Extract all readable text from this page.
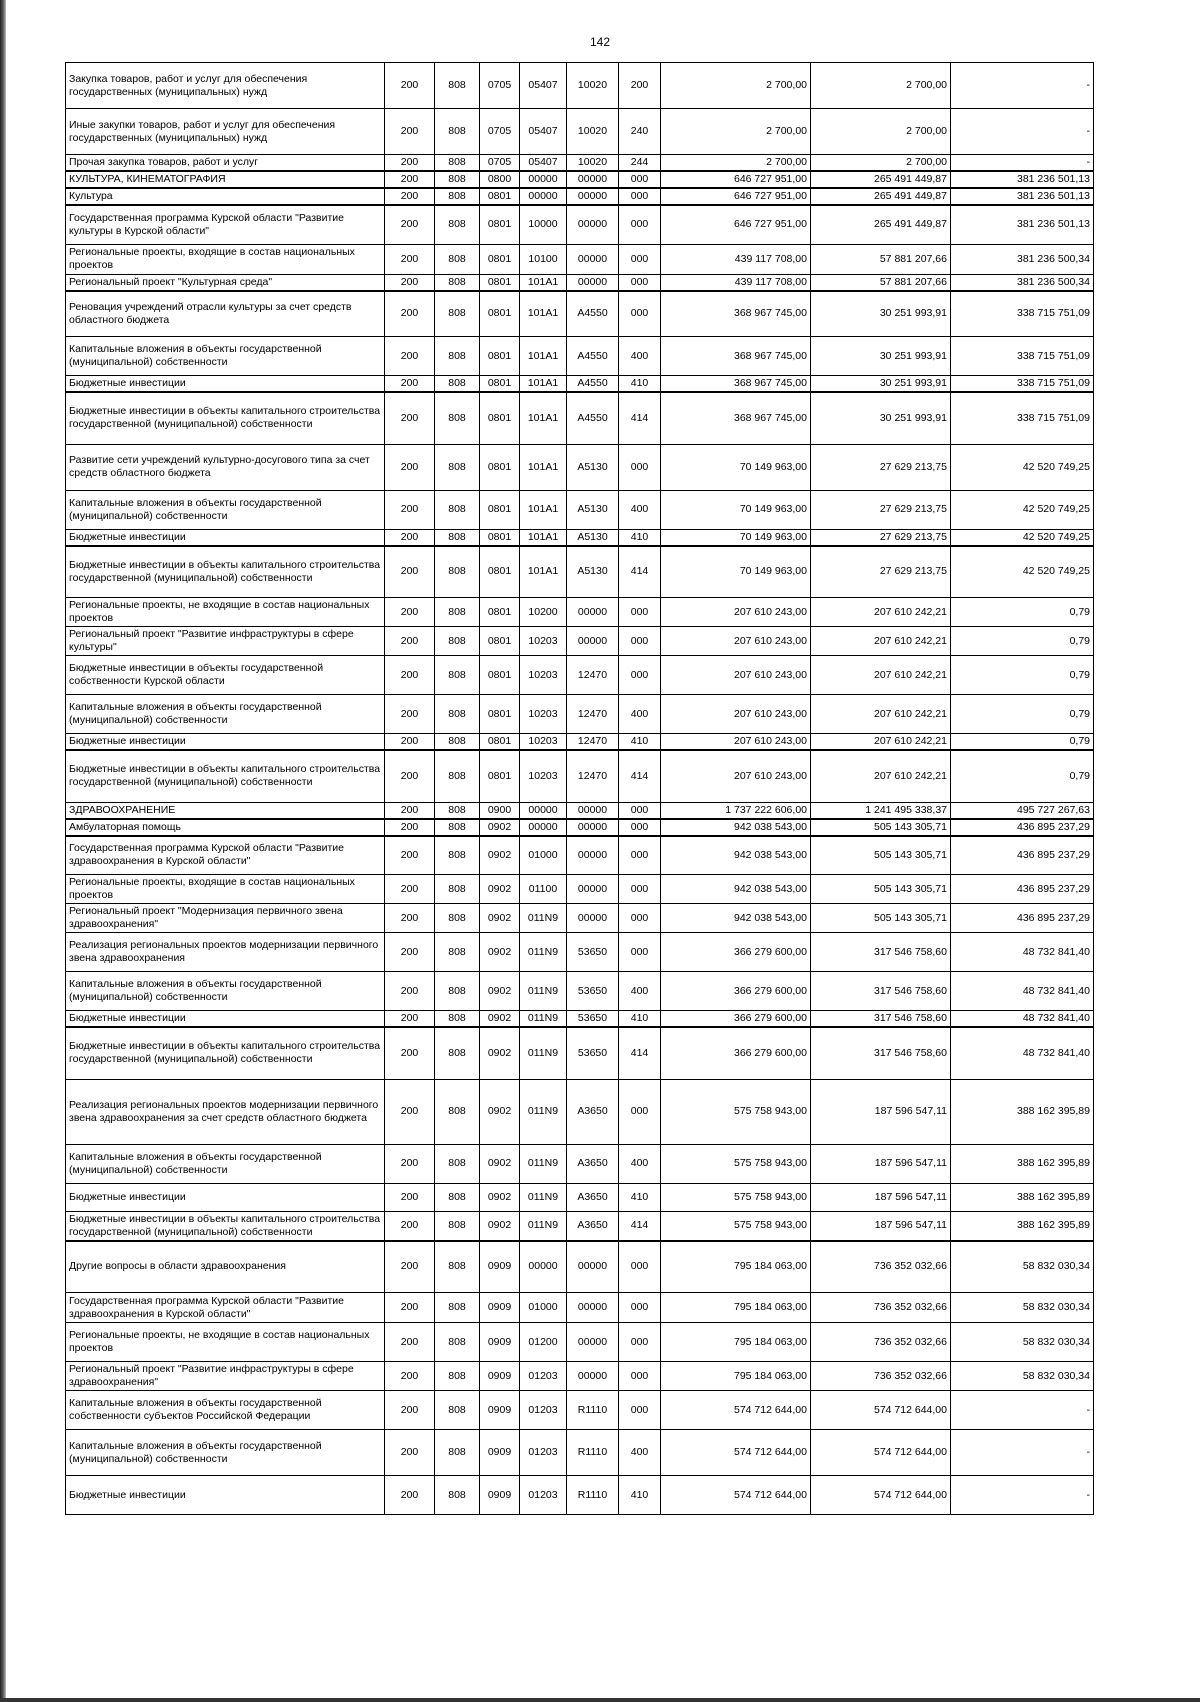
142
Закупка товаров, работ и услуг для обеспечения государственных (муниципальных) нужд	200	808	0705	05407	10020	200	2 700,00	2 700,00	-
Иные закупки товаров, работ и услуг для обеспечения государственных (муниципальных) нужд	200	808	0705	05407	10020	240	2 700,00	2 700,00	-
Прочая закупка товаров, работ и услуг	200	808	0705	05407	10020	244	2 700,00	2 700,00	-
КУЛЬТУРА, КИНЕМАТОГРАФИЯ	200	808	0800	00000	00000	000	646 727 951,00	265 491 449,87	381 236 501,13
Культура	200	808	0801	00000	00000	000	646 727 951,00	265 491 449,87	381 236 501,13
Государственная программа Курской области "Развитие культуры в Курской области"	200	808	0801	10000	00000	000	646 727 951,00	265 491 449,87	381 236 501,13
Региональные проекты, входящие в состав национальных проектов	200	808	0801	10100	00000	000	439 117 708,00	57 881 207,66	381 236 500,34
Региональный проект "Культурная среда"	200	808	0801	101A1	00000	000	439 117 708,00	57 881 207,66	381 236 500,34
Реновация учреждений отрасли культуры за счет средств областного бюджета	200	808	0801	101A1	A4550	000	368 967 745,00	30 251 993,91	338 715 751,09
Капитальные вложения в объекты государственной (муниципальной) собственности	200	808	0801	101A1	A4550	400	368 967 745,00	30 251 993,91	338 715 751,09
Бюджетные инвестиции	200	808	0801	101A1	A4550	410	368 967 745,00	30 251 993,91	338 715 751,09
Бюджетные инвестиции в объекты капитального строительства государственной (муниципальной) собственности	200	808	0801	101A1	A4550	414	368 967 745,00	30 251 993,91	338 715 751,09
Развитие сети учреждений культурно-досугового типа за счет средств областного бюджета	200	808	0801	101A1	A5130	000	70 149 963,00	27 629 213,75	42 520 749,25
Капитальные вложения в объекты государственной (муниципальной) собственности	200	808	0801	101A1	A5130	400	70 149 963,00	27 629 213,75	42 520 749,25
Бюджетные инвестиции	200	808	0801	101A1	A5130	410	70 149 963,00	27 629 213,75	42 520 749,25
Бюджетные инвестиции в объекты капитального строительства государственной (муниципальной) собственности	200	808	0801	101A1	A5130	414	70 149 963,00	27 629 213,75	42 520 749,25
Региональные проекты, не входящие в состав национальных проектов	200	808	0801	10200	00000	000	207 610 243,00	207 610 242,21	0,79
Региональный проект "Развитие инфраструктуры в сфере культуры"	200	808	0801	10203	00000	000	207 610 243,00	207 610 242,21	0,79
Бюджетные инвестиции в объекты государственной собственности Курской области	200	808	0801	10203	12470	000	207 610 243,00	207 610 242,21	0,79
Капитальные вложения в объекты государственной (муниципальной) собственности	200	808	0801	10203	12470	400	207 610 243,00	207 610 242,21	0,79
Бюджетные инвестиции	200	808	0801	10203	12470	410	207 610 243,00	207 610 242,21	0,79
Бюджетные инвестиции в объекты капитального строительства государственной (муниципальной) собственности	200	808	0801	10203	12470	414	207 610 243,00	207 610 242,21	0,79
ЗДРАВООХРАНЕНИЕ	200	808	0900	00000	00000	000	1 737 222 606,00	1 241 495 338,37	495 727 267,63
Амбулаторная помощь	200	808	0902	00000	00000	000	942 038 543,00	505 143 305,71	436 895 237,29
Государственная программа Курской области "Развитие здравоохранения в Курской области"	200	808	0902	01000	00000	000	942 038 543,00	505 143 305,71	436 895 237,29
Региональные проекты, входящие в состав национальных проектов	200	808	0902	01100	00000	000	942 038 543,00	505 143 305,71	436 895 237,29
Региональный проект "Модернизация первичного звена здравоохранения"	200	808	0902	011N9	00000	000	942 038 543,00	505 143 305,71	436 895 237,29
Реализация региональных проектов модернизации первичного звена здравоохранения	200	808	0902	011N9	53650	000	366 279 600,00	317 546 758,60	48 732 841,40
Капитальные вложения в объекты государственной (муниципальной) собственности	200	808	0902	011N9	53650	400	366 279 600,00	317 546 758,60	48 732 841,40
Бюджетные инвестиции	200	808	0902	011N9	53650	410	366 279 600,00	317 546 758,60	48 732 841,40
Бюджетные инвестиции в объекты капитального строительства государственной (муниципальной) собственности	200	808	0902	011N9	53650	414	366 279 600,00	317 546 758,60	48 732 841,40
Реализация региональных проектов модернизации первичного звена здравоохранения за счет средств областного бюджета	200	808	0902	011N9	A3650	000	575 758 943,00	187 596 547,11	388 162 395,89
Капитальные вложения в объекты государственной (муниципальной) собственности	200	808	0902	011N9	A3650	400	575 758 943,00	187 596 547,11	388 162 395,89
Бюджетные инвестиции	200	808	0902	011N9	A3650	410	575 758 943,00	187 596 547,11	388 162 395,89
Бюджетные инвестиции в объекты капитального строительства государственной (муниципальной) собственности	200	808	0902	011N9	A3650	414	575 758 943,00	187 596 547,11	388 162 395,89
Другие вопросы в области здравоохранения	200	808	0909	00000	00000	000	795 184 063,00	736 352 032,66	58 832 030,34
Государственная программа Курской области "Развитие здравоохранения в Курской области"	200	808	0909	01000	00000	000	795 184 063,00	736 352 032,66	58 832 030,34
Региональные проекты, не входящие в состав национальных проектов	200	808	0909	01200	00000	000	795 184 063,00	736 352 032,66	58 832 030,34
Региональный проект "Развитие инфраструктуры в сфере здравоохранения"	200	808	0909	01203	00000	000	795 184 063,00	736 352 032,66	58 832 030,34
Капитальные вложения в объекты государственной собственности субъектов Российской Федерации	200	808	0909	01203	R1110	000	574 712 644,00	574 712 644,00	-
Капитальные вложения в объекты государственной (муниципальной) собственности	200	808	0909	01203	R1110	400	574 712 644,00	574 712 644,00	-
Бюджетные инвестиции	200	808	0909	01203	R1110	410	574 712 644,00	574 712 644,00	-
